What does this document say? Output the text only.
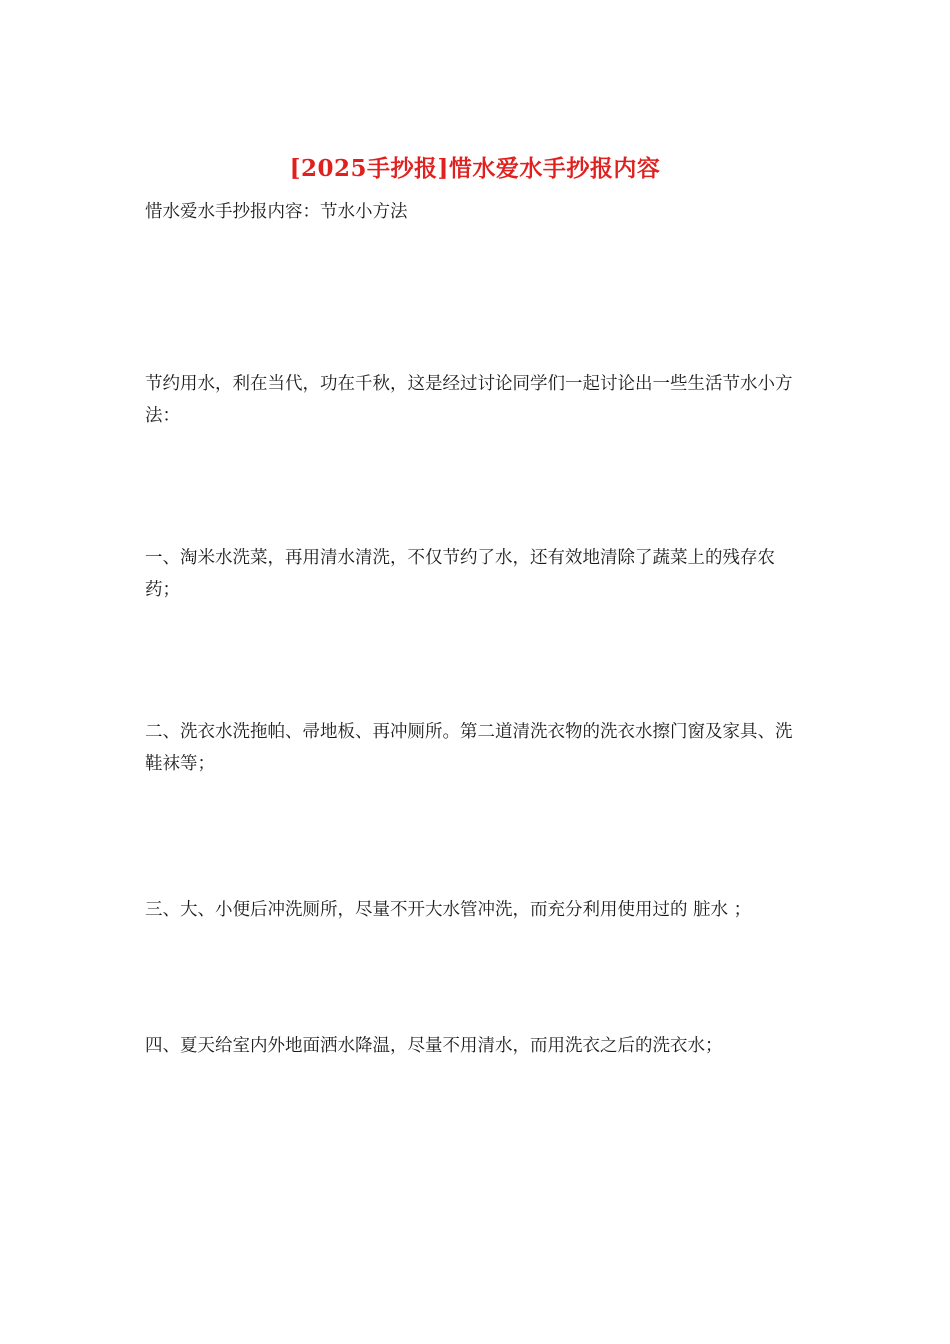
[2025手抄报]惜水爱水手抄报内容

惜水爱水手抄报内容：节水小方法

节约用水，利在当代，功在千秋，这是经过讨论同学们一起讨论出一些生活节水小方法：

一、淘米水洗菜，再用清水清洗，不仅节约了水，还有效地清除了蔬菜上的残存农药；

二、洗衣水洗拖帕、帚地板、再冲厕所。第二道清洗衣物的洗衣水擦门窗及家具、洗鞋袜等；

三、大、小便后冲洗厕所，尽量不开大水管冲洗，而充分利用使用过的 脏水 ；

四、夏天给室内外地面洒水降温，尽量不用清水，而用洗衣之后的洗衣水；
